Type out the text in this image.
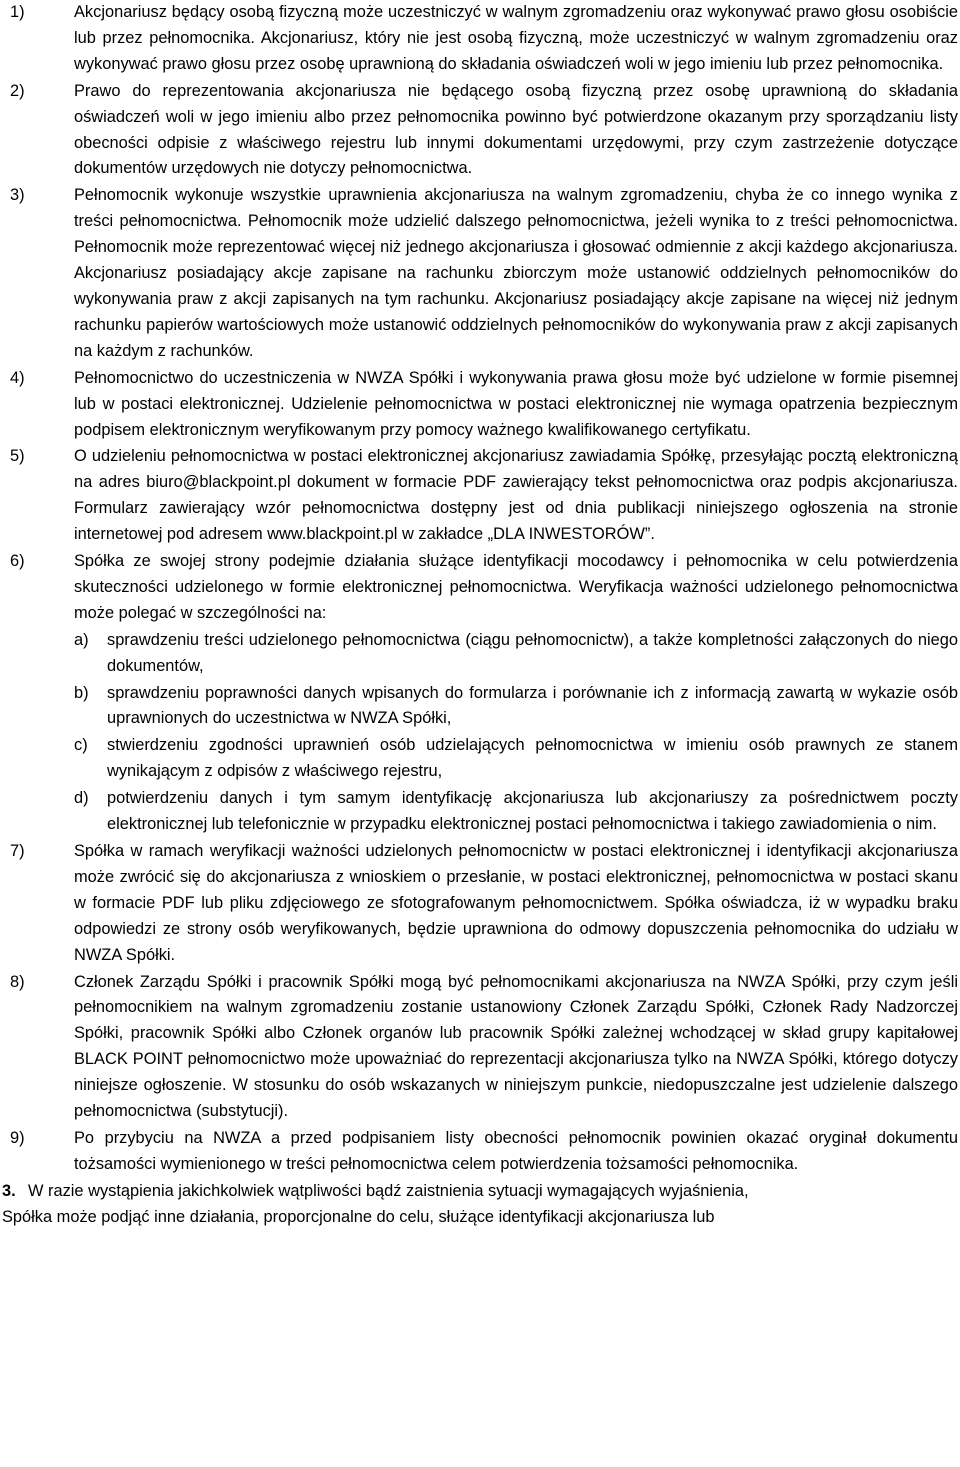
1)	Akcjonariusz będący osobą fizyczną może uczestniczyć w walnym zgromadzeniu oraz wykonywać prawo głosu osobiście lub przez pełnomocnika. Akcjonariusz, który nie jest osobą fizyczną, może uczestniczyć w walnym zgromadzeniu oraz wykonywać prawo głosu przez osobę uprawnioną do składania oświadczeń woli w jego imieniu lub przez pełnomocnika.
2)	Prawo do reprezentowania akcjonariusza nie będącego osobą fizyczną przez osobę uprawnioną do składania oświadczeń woli w jego imieniu albo przez pełnomocnika powinno być potwierdzone okazanym przy sporządzaniu listy obecności odpisie z właściwego rejestru lub innymi dokumentami urzędowymi, przy czym zastrzeżenie dotyczące dokumentów urzędowych nie dotyczy pełnomocnictwa.
3)	Pełnomocnik wykonuje wszystkie uprawnienia akcjonariusza na walnym zgromadzeniu, chyba że co innego wynika z treści pełnomocnictwa. Pełnomocnik może udzielić dalszego pełnomocnictwa, jeżeli wynika to z treści pełnomocnictwa. Pełnomocnik może reprezentować więcej niż jednego akcjonariusza i głosować odmiennie z akcji każdego akcjonariusza. Akcjonariusz posiadający akcje zapisane na rachunku zbiorczym może ustanowić oddzielnych pełnomocników do wykonywania praw z akcji zapisanych na tym rachunku. Akcjonariusz posiadający akcje zapisane na więcej niż jednym rachunku papierów wartościowych może ustanowić oddzielnych pełnomocników do wykonywania praw z akcji zapisanych na każdym z rachunków.
4)	Pełnomocnictwo do uczestniczenia w NWZA Spółki i wykonywania prawa głosu może być udzielone w formie pisemnej lub w postaci elektronicznej. Udzielenie pełnomocnictwa w postaci elektronicznej nie wymaga opatrzenia bezpiecznym podpisem elektronicznym weryfikowanym przy pomocy ważnego kwalifikowanego certyfikatu.
5)	O udzieleniu pełnomocnictwa w postaci elektronicznej akcjonariusz zawiadamia Spółkę, przesyłając pocztą elektroniczną na adres biuro@blackpoint.pl dokument w formacie PDF zawierający tekst pełnomocnictwa oraz podpis akcjonariusza. Formularz zawierający wzór pełnomocnictwa dostępny jest od dnia publikacji niniejszego ogłoszenia na stronie internetowej pod adresem www.blackpoint.pl w zakładce „DLA INWESTORÓW”.
6)	Spółka ze swojej strony podejmie działania służące identyfikacji mocodawcy i pełnomocnika w celu potwierdzenia skuteczności udzielonego w formie elektronicznej pełnomocnictwa. Weryfikacja ważności udzielonego pełnomocnictwa może polegać w szczególności na:
a) sprawdzeniu treści udzielonego pełnomocnictwa (ciągu pełnomocnictw), a także kompletności załączonych do niego dokumentów,
b) sprawdzeniu poprawności danych wpisanych do formularza i porównanie ich z informacją zawartą w wykazie osób uprawnionych do uczestnictwa w NWZA Spółki,
c) stwierdzeniu zgodności uprawnień osób udzielających pełnomocnictwa w imieniu osób prawnych ze stanem wynikającym z odpisów z właściwego rejestru,
d) potwierdzeniu danych i tym samym identyfikację akcjonariusza lub akcjonariuszy za pośrednictwem poczty elektronicznej lub telefonicznie w przypadku elektronicznej postaci pełnomocnictwa i takiego zawiadomienia o nim.
7)	Spółka w ramach weryfikacji ważności udzielonych pełnomocnictw w postaci elektronicznej i identyfikacji akcjonariusza może zwrócić się do akcjonariusza z wnioskiem o przesłanie, w postaci elektronicznej, pełnomocnictwa w postaci skanu w formacie PDF lub pliku zdjęciowego ze sfotografowanym pełnomocnictwem. Spółka oświadcza, iż w wypadku braku odpowiedzi ze strony osób weryfikowanych, będzie uprawniona do odmowy dopuszczenia pełnomocnika do udziału w NWZA Spółki.
8)	Członek Zarządu Spółki i pracownik Spółki mogą być pełnomocnikami akcjonariusza na NWZA Spółki, przy czym jeśli pełnomocnikiem na walnym zgromadzeniu zostanie ustanowiony Członek Zarządu Spółki, Członek Rady Nadzorczej Spółki, pracownik Spółki albo Członek organów lub pracownik Spółki zależnej wchodzącej w skład grupy kapitałowej BLACK POINT pełnomocnictwo może upoważniać do reprezentacji akcjonariusza tylko na NWZA Spółki, którego dotyczy niniejsze ogłoszenie. W stosunku do osób wskazanych w niniejszym punkcie, niedopuszczalne jest udzielenie dalszego pełnomocnictwa (substytucji).
9)	Po przybyciu na NWZA a przed podpisaniem listy obecności pełnomocnik powinien okazać oryginał dokumentu tożsamości wymienionego w treści pełnomocnictwa celem potwierdzenia tożsamości pełnomocnika.
3. W razie wystąpienia jakichkolwiek wątpliwości bądź zaistnienia sytuacji wymagających wyjaśnienia,
Spółka może podjąć inne działania, proporcjonalne do celu, służące identyfikacji akcjonariusza lub
